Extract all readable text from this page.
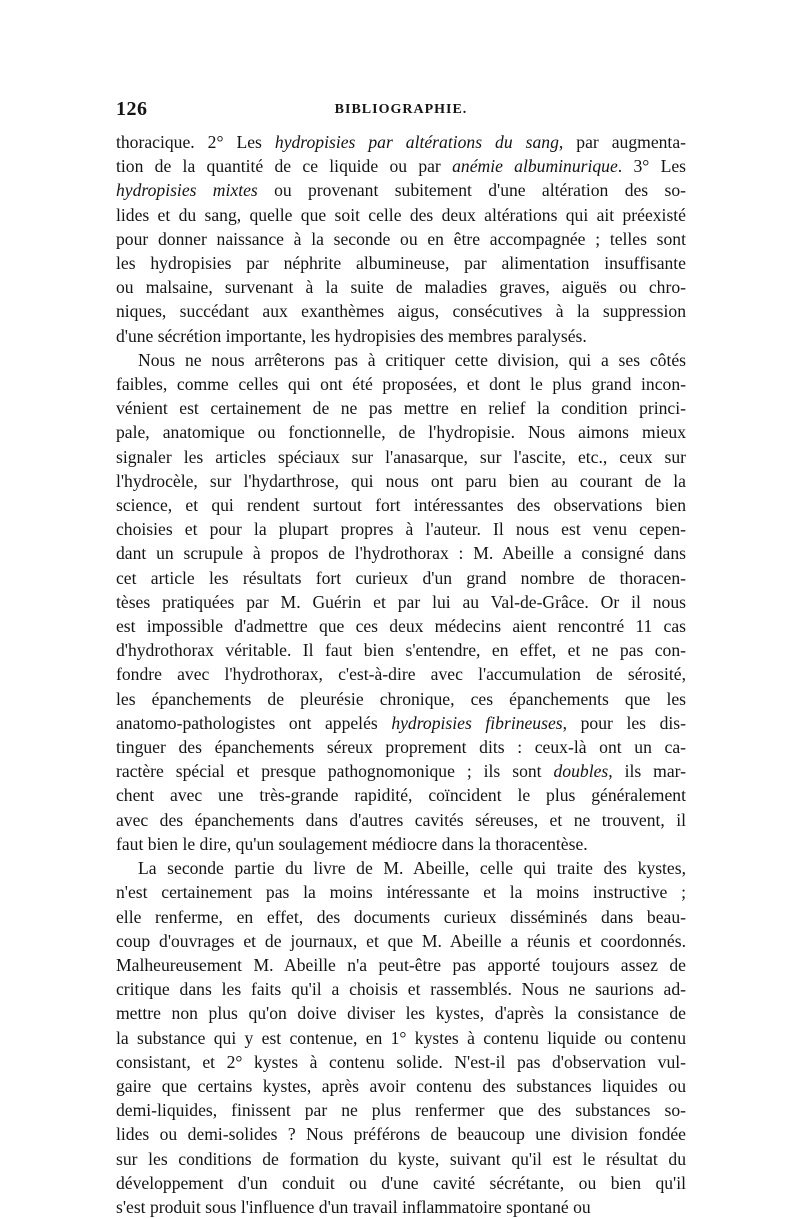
126	BIBLIOGRAPHIE.
thoracique. 2° Les hydropisies par altérations du sang, par augmenta-
tion de la quantité de ce liquide ou par anémie albuminurique. 3° Les
hydropisies mixtes ou provenant subitement d'une altération des so-
lides et du sang, quelle que soit celle des deux altérations qui ait préexisté
pour donner naissance à la seconde ou en être accompagnée ; telles sont
les hydropisies par néphrite albumineuse, par alimentation insuffisante
ou malsaine, survenant à la suite de maladies graves, aiguës ou chro-
niques, succédant aux exanthèmes aigus, consécutives à la suppression
d'une sécrétion importante, les hydropisies des membres paralysés.
Nous ne nous arrêterons pas à critiquer cette division, qui a ses côtés
faibles, comme celles qui ont été proposées, et dont le plus grand incon-
vénient est certainement de ne pas mettre en relief la condition princi-
pale, anatomique ou fonctionnelle, de l'hydropisie. Nous aimons mieux
signaler les articles spéciaux sur l'anasarque, sur l'ascite, etc., ceux sur
l'hydrocèle, sur l'hydarthrose, qui nous ont paru bien au courant de la
science, et qui rendent surtout fort intéressantes des observations bien
choisies et pour la plupart propres à l'auteur. Il nous est venu cepen-
dant un scrupule à propos de l'hydrothorax : M. Abeille a consigné dans
cet article les résultats fort curieux d'un grand nombre de thoracen-
tèses pratiquées par M. Guérin et par lui au Val-de-Grâce. Or il nous
est impossible d'admettre que ces deux médecins aient rencontré 11 cas
d'hydrothorax véritable. Il faut bien s'entendre, en effet, et ne pas con-
fondre avec l'hydrothorax, c'est-à-dire avec l'accumulation de sérosité,
les épanchements de pleurésie chronique, ces épanchements que les
anatomo-pathologistes ont appelés hydropisies fibrineuses, pour les dis-
tinguer des épanchements séreux proprement dits : ceux-là ont un ca-
ractère spécial et presque pathognomonique ; ils sont doubles, ils mar-
chent avec une très-grande rapidité, coïncident le plus généralement
avec des épanchements dans d'autres cavités séreuses, et ne trouvent, il
faut bien le dire, qu'un soulagement médiocre dans la thoracentèse.
La seconde partie du livre de M. Abeille, celle qui traite des kystes,
n'est certainement pas la moins intéressante et la moins instructive ;
elle renferme, en effet, des documents curieux disséminés dans beau-
coup d'ouvrages et de journaux, et que M. Abeille a réunis et coordonnés.
Malheureusement M. Abeille n'a peut-être pas apporté toujours assez de
critique dans les faits qu'il a choisis et rassemblés. Nous ne saurions ad-
mettre non plus qu'on doive diviser les kystes, d'après la consistance de
la substance qui y est contenue, en 1° kystes à contenu liquide ou contenu
consistant, et 2° kystes à contenu solide. N'est-il pas d'observation vul-
gaire que certains kystes, après avoir contenu des substances liquides ou
demi-liquides, finissent par ne plus renfermer que des substances so-
lides ou demi-solides ? Nous préférons de beaucoup une division fondée
sur les conditions de formation du kyste, suivant qu'il est le résultat du
développement d'un conduit ou d'une cavité sécrétante, ou bien qu'il
s'est produit sous l'influence d'un travail inflammatoire spontané ou
